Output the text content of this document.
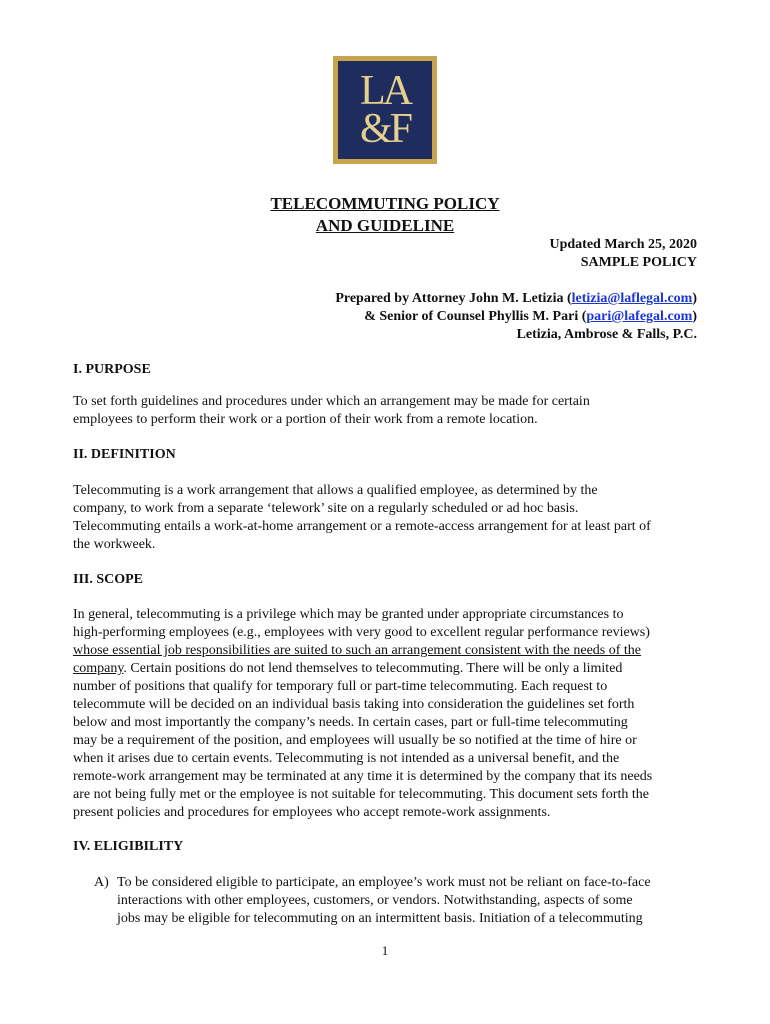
LA
&F
TELECOMMUTING POLICY
AND GUIDELINE
Updated March 25, 2020
SAMPLE POLICY
Prepared by Attorney John M. Letizia (letizia@laflegal.com)
& Senior of Counsel Phyllis M. Pari (pari@lafegal.com)
Letizia, Ambrose & Falls, P.C.
I. PURPOSE
To set forth guidelines and procedures under which an arrangement may be made for certain
employees to perform their work or a portion of their work from a remote location.
II. DEFINITION
Telecommuting is a work arrangement that allows a qualified employee, as determined by the
company, to work from a separate ‘telework’ site on a regularly scheduled or ad hoc basis.
Telecommuting entails a work-at-home arrangement or a remote-access arrangement for at least part of
the workweek.
III. SCOPE
In general, telecommuting is a privilege which may be granted under appropriate circumstances to
high-performing employees (e.g., employees with very good to excellent regular performance reviews)
whose essential job responsibilities are suited to such an arrangement consistent with the needs of the
company. Certain positions do not lend themselves to telecommuting. There will be only a limited
number of positions that qualify for temporary full or part-time telecommuting. Each request to
telecommute will be decided on an individual basis taking into consideration the guidelines set forth
below and most importantly the company’s needs. In certain cases, part or full-time telecommuting
may be a requirement of the position, and employees will usually be so notified at the time of hire or
when it arises due to certain events. Telecommuting is not intended as a universal benefit, and the
remote-work arrangement may be terminated at any time it is determined by the company that its needs
are not being fully met or the employee is not suitable for telecommuting. This document sets forth the
present policies and procedures for employees who accept remote-work assignments.
IV. ELIGIBILITY
A) To be considered eligible to participate, an employee’s work must not be reliant on face-to-face
interactions with other employees, customers, or vendors. Notwithstanding, aspects of some
jobs may be eligible for telecommuting on an intermittent basis. Initiation of a telecommuting
1
